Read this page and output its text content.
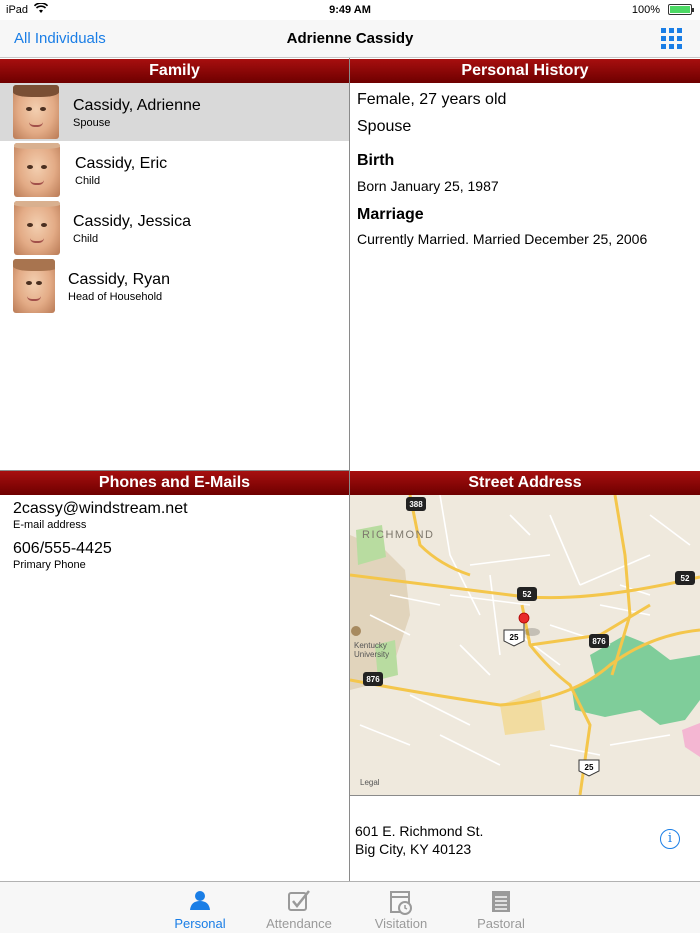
iPad	9:49 AM	100%
All Individuals	Adrienne Cassidy
Family	Personal History
Phones and E-Mails	Street Address
Cassidy, Adrienne
Spouse
Cassidy, Eric
Child
Cassidy, Jessica
Child
Cassidy, Ryan
Head of Household
Female, 27 years old
Spouse
Birth
Born January 25, 1987
Marriage
Currently Married. Married December 25, 2006
2cassy@windstream.net
E-mail address
606/555-4425
Primary Phone
RICHMOND
Kentucky
University
388
52
52
25	876
876
25
Legal
601 E. Richmond St.
Big City, KY 40123
i
Personal	Attendance	Visitation	Pastoral
